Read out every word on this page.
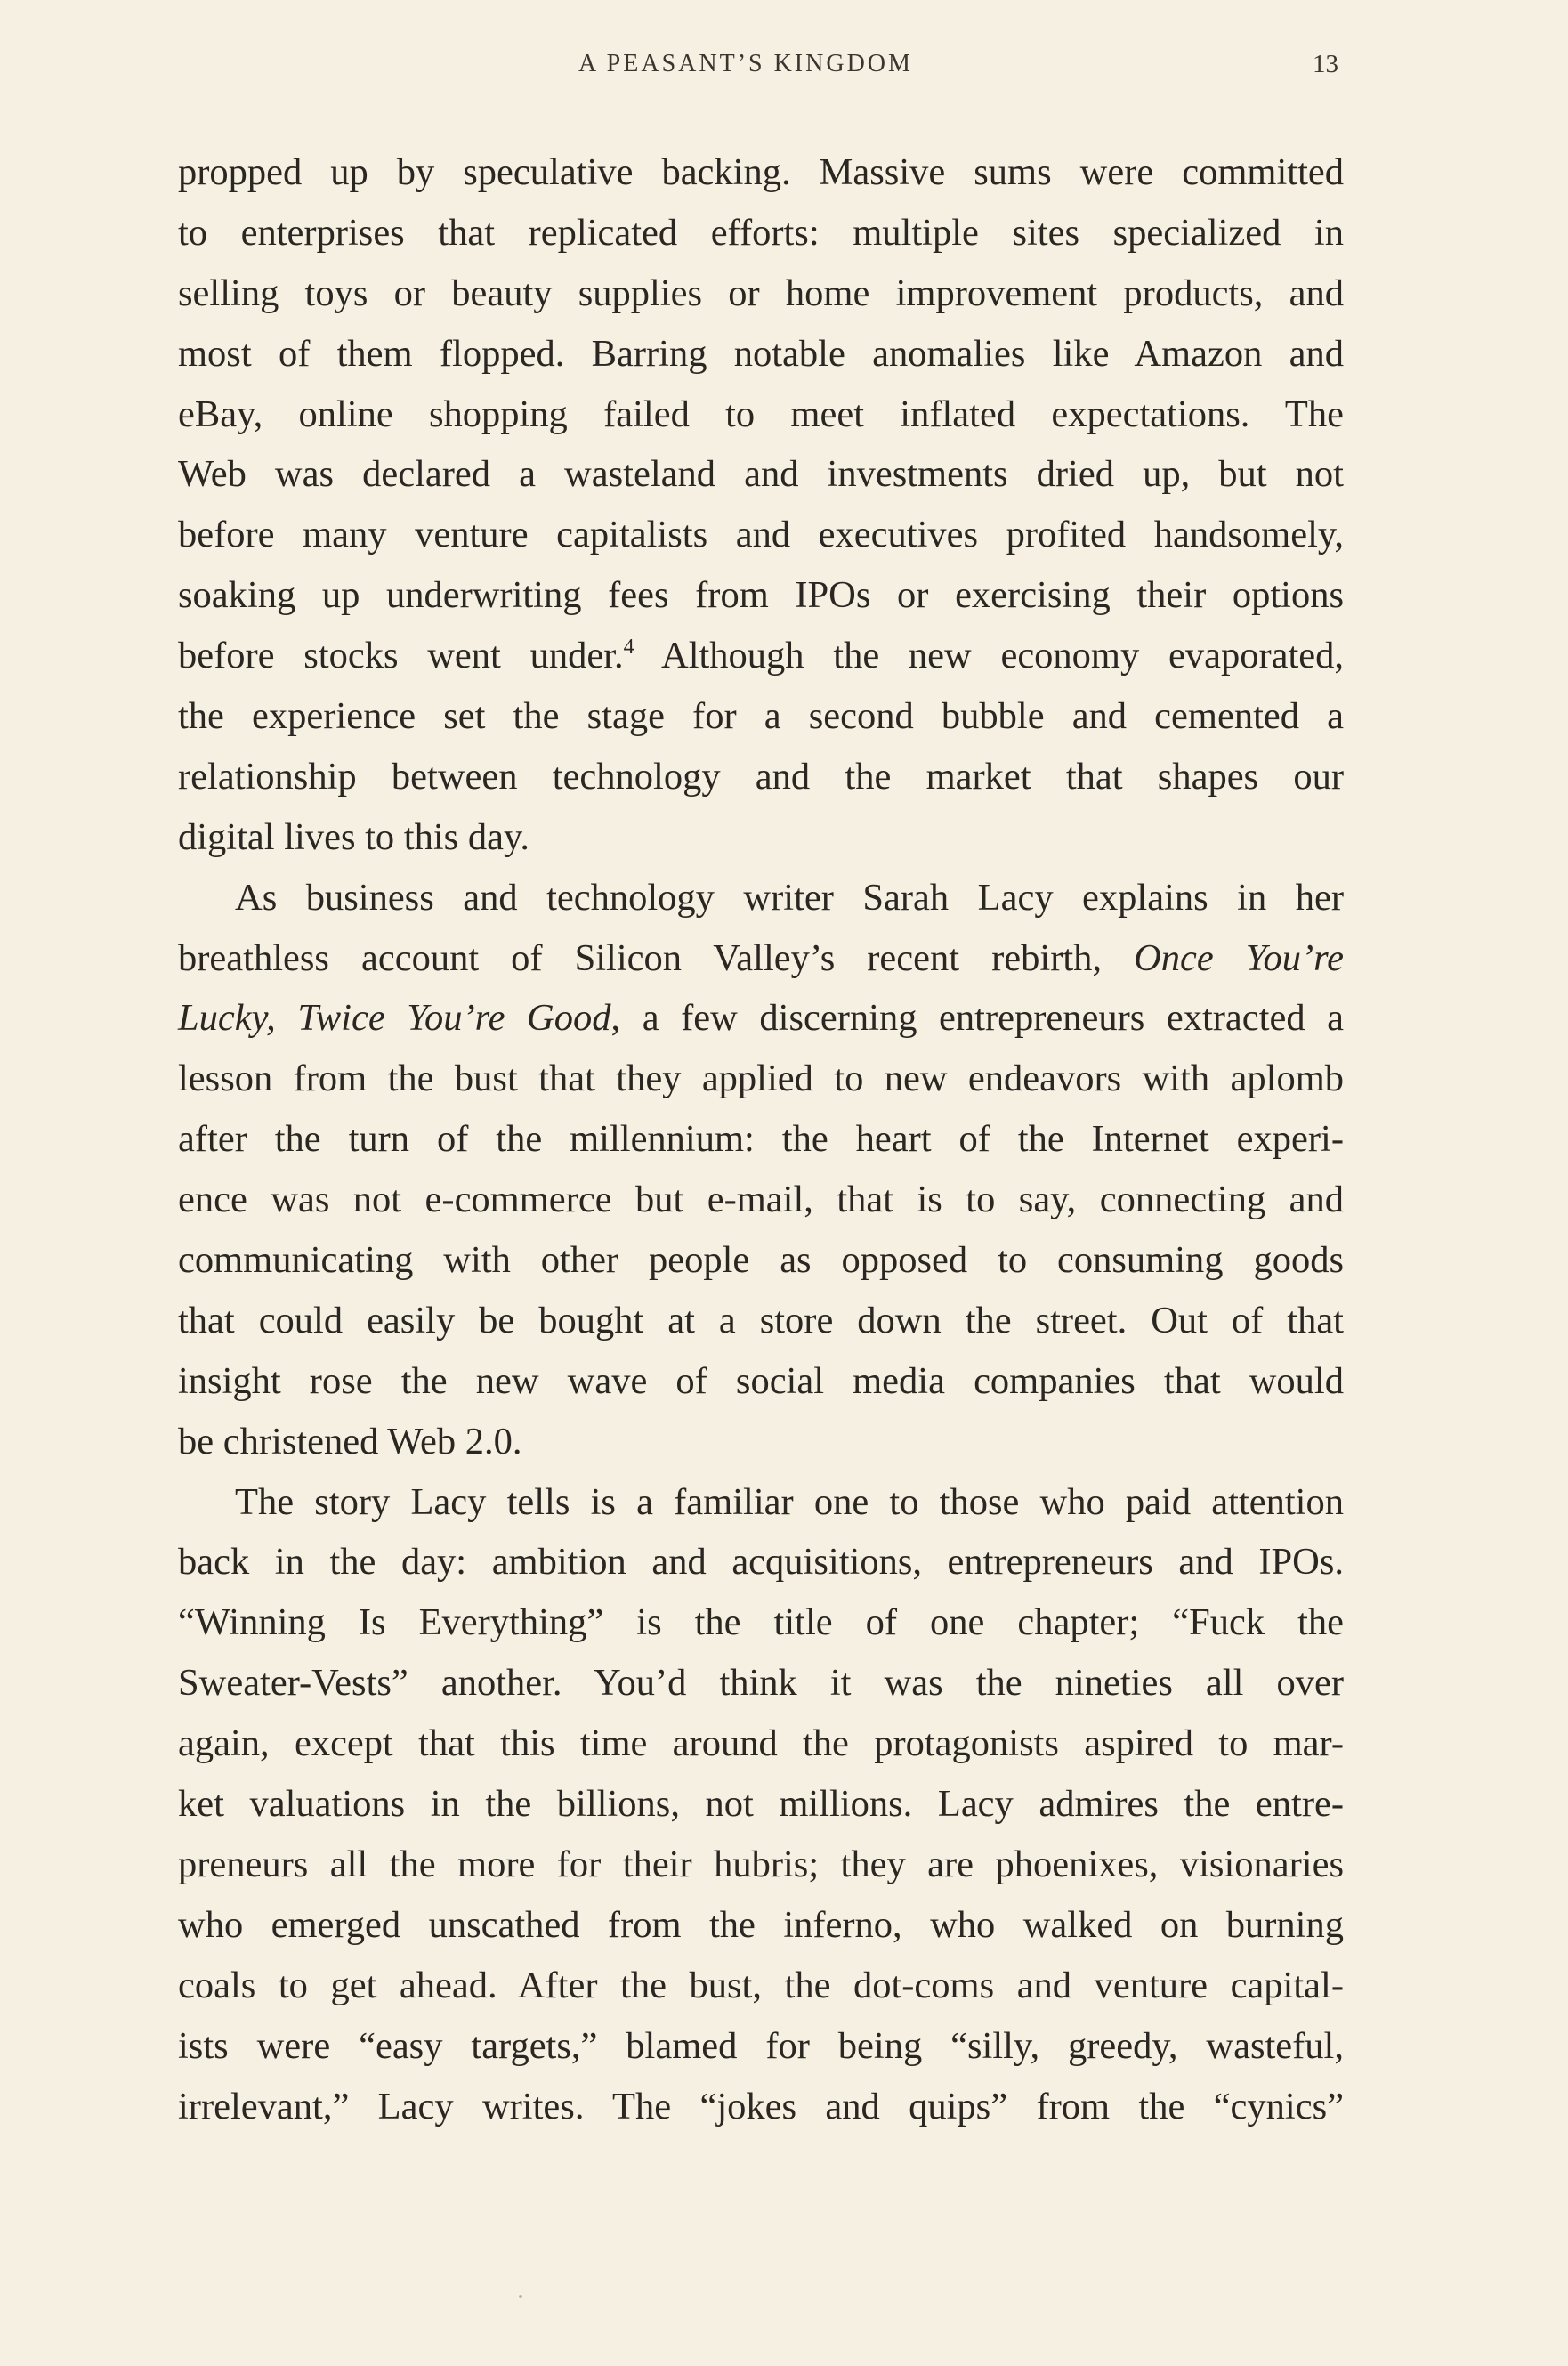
A PEASANT’S KINGDOM	13
propped up by speculative backing. Massive sums were committed
to enterprises that replicated efforts: multiple sites specialized in
selling toys or beauty supplies or home improvement products, and
most of them flopped. Barring notable anomalies like Amazon and
eBay, online shopping failed to meet inflated expectations. The
Web was declared a wasteland and investments dried up, but not
before many venture capitalists and executives profited handsomely,
soaking up underwriting fees from IPOs or exercising their options
before stocks went under.$^4$ Although the new economy evaporated,
the experience set the stage for a second bubble and cemented a
relationship between technology and the market that shapes our
digital lives to this day.
As business and technology writer Sarah Lacy explains in her
breathless account of Silicon Valley’s recent rebirth, Once You’re
Lucky, Twice You’re Good, a few discerning entrepreneurs extracted a
lesson from the bust that they applied to new endeavors with aplomb
after the turn of the millennium: the heart of the Internet experi-
ence was not e-commerce but e-mail, that is to say, connecting and
communicating with other people as opposed to consuming goods
that could easily be bought at a store down the street. Out of that
insight rose the new wave of social media companies that would
be christened Web 2.0.
The story Lacy tells is a familiar one to those who paid attention
back in the day: ambition and acquisitions, entrepreneurs and IPOs.
“Winning Is Everything” is the title of one chapter; “Fuck the
Sweater-Vests” another. You’d think it was the nineties all over
again, except that this time around the protagonists aspired to mar-
ket valuations in the billions, not millions. Lacy admires the entre-
preneurs all the more for their hubris; they are phoenixes, visionaries
who emerged unscathed from the inferno, who walked on burning
coals to get ahead. After the bust, the dot-coms and venture capital-
ists were “easy targets,” blamed for being “silly, greedy, wasteful,
irrelevant,” Lacy writes. The “jokes and quips” from the “cynics”
